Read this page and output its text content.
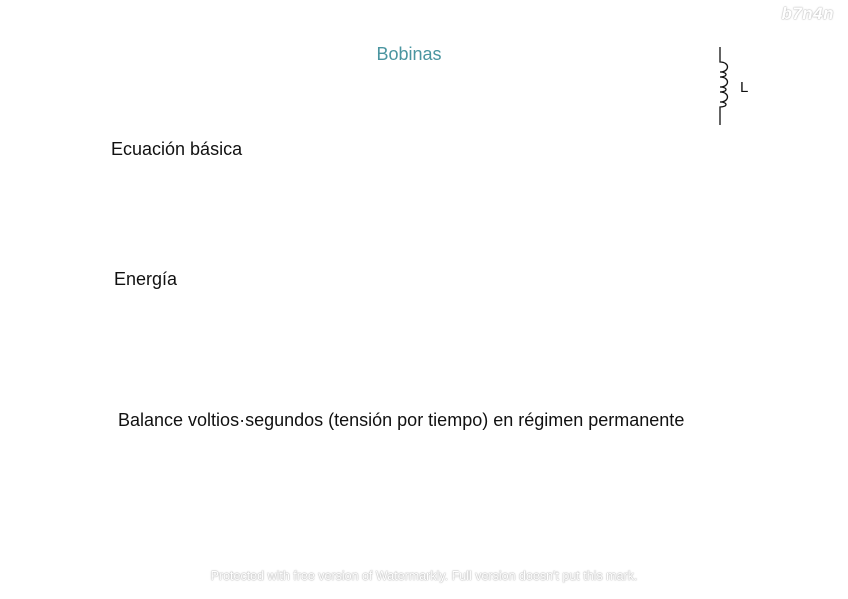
Bobinas
L
Ecuación básica
Energía
Balance voltios·segundos (tensión por tiempo) en régimen permanente
b7n4n
Protected with free version of Watermarkly. Full version doesn't put this mark.
